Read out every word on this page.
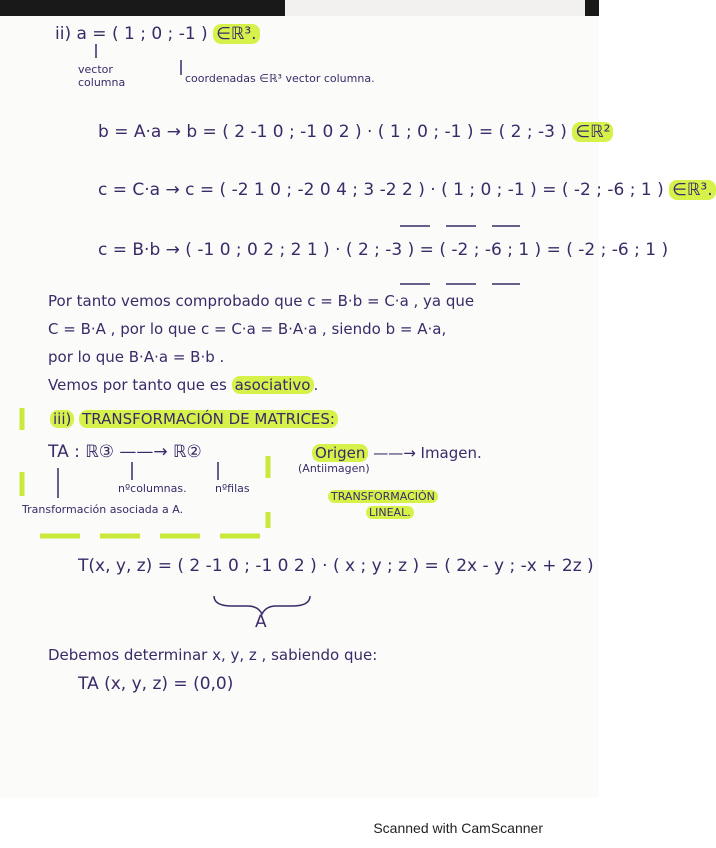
ii) a = ( 1 ; 0 ; -1 ) ∈ℝ³.
vector columna	coordenadas ∈ℝ³ vector columna.
b = A·a → b = ( 2 -1 0 ; -1 0 2 ) · ( 1 ; 0 ; -1 ) = ( 2 ; -3 ) ∈ℝ²
c = C·a → c = ( -2 1 0 ; -2 0 4 ; 3 -2 2 ) · ( 1 ; 0 ; -1 ) = ( -2 ; -6 ; 1 ) ∈ℝ³.
c = B·b → ( -1 0 ; 0 2 ; 2 1 ) · ( 2 ; -3 ) = ( -2 ; -6 ; 1 ) = ( -2 ; -6 ; 1 )
Por tanto vemos comprobado que c = B·b = C·a , ya que
C = B·A , por lo que c = C·a = B·A·a , siendo b = A·a,
por lo que B·A·a = B·b .
Vemos por tanto que es asociativo .
iii) TRANSFORMACIÓN DE MATRICES:
TA : ℝ③ ——→ ℝ②
nºcolumnas.	nºfilas
Transformación asociada a A.
Origen ——→ Imagen.
(Antiimagen)
TRANSFORMACIÓN
LINEAL.
T(x, y, z) = ( 2 -1 0 ; -1 0 2 ) · ( x ; y ; z ) = ( 2x - y ; -x + 2z )
A
Debemos determinar x, y, z , sabiendo que:
TA (x, y, z) = (0,0)
Scanned with CamScanner
